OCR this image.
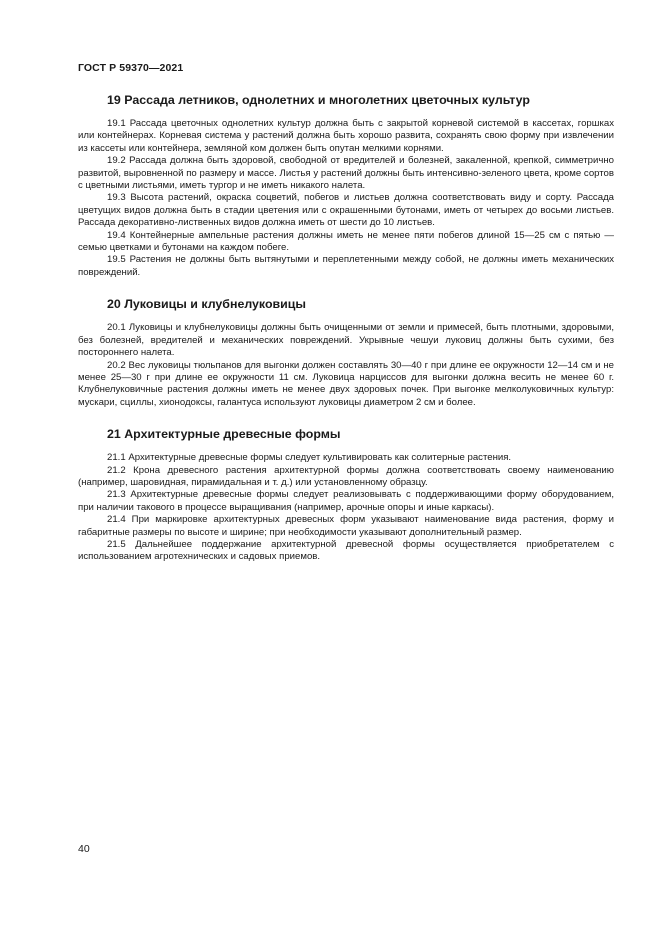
ГОСТ Р 59370—2021
19 Рассада летников, однолетних и многолетних цветочных культур

19.1 Рассада цветочных однолетних культур должна быть с закрытой корневой системой в кассетах, горшках или контейнерах. Корневая система у растений должна быть хорошо развита, сохранять свою форму при извлечении из кассеты или контейнера, земляной ком должен быть опутан мелкими корнями.

19.2 Рассада должна быть здоровой, свободной от вредителей и болезней, закаленной, крепкой, симметрично развитой, выровненной по размеру и массе. Листья у растений должны быть интенсивно-зеленого цвета, кроме сортов с цветными листьями, иметь тургор и не иметь никакого налета.

19.3 Высота растений, окраска соцветий, побегов и листьев должна соответствовать виду и сорту. Рассада цветущих видов должна быть в стадии цветения или с окрашенными бутонами, иметь от четырех до восьми листьев. Рассада декоративно-лиственных видов должна иметь от шести до 10 листьев.

19.4 Контейнерные ампельные растения должны иметь не менее пяти побегов длиной 15—25 см с пятью — семью цветками и бутонами на каждом побеге.

19.5 Растения не должны быть вытянутыми и переплетенными между собой, не должны иметь механических повреждений.

20 Луковицы и клубнелуковицы

20.1 Луковицы и клубнелуковицы должны быть очищенными от земли и примесей, быть плотными, здоровыми, без болезней, вредителей и механических повреждений. Укрывные чешуи луковиц должны быть сухими, без постороннего налета.

20.2 Вес луковицы тюльпанов для выгонки должен составлять 30—40 г при длине ее окружности 12—14 см и не менее 25—30 г при длине ее окружности 11 см. Луковица нарциссов для выгонки должна весить не менее 60 г. Клубнелуковичные растения должны иметь не менее двух здоровых почек. При выгонке мелколуковичных культур: мускари, сциллы, хионодоксы, галантуса используют луковицы диаметром 2 см и более.

21 Архитектурные древесные формы

21.1 Архитектурные древесные формы следует культивировать как солитерные растения.

21.2 Крона древесного растения архитектурной формы должна соответствовать своему наименованию (например, шаровидная, пирамидальная и т. д.) или установленному образцу.

21.3 Архитектурные древесные формы следует реализовывать с поддерживающими форму оборудованием, при наличии такового в процессе выращивания (например, арочные опоры и иные каркасы).

21.4 При маркировке архитектурных древесных форм указывают наименование вида растения, форму и габаритные размеры по высоте и ширине; при необходимости указывают дополнительный размер.

21.5 Дальнейшее поддержание архитектурной древесной формы осуществляется приобретателем с использованием агротехнических и садовых приемов.

40
